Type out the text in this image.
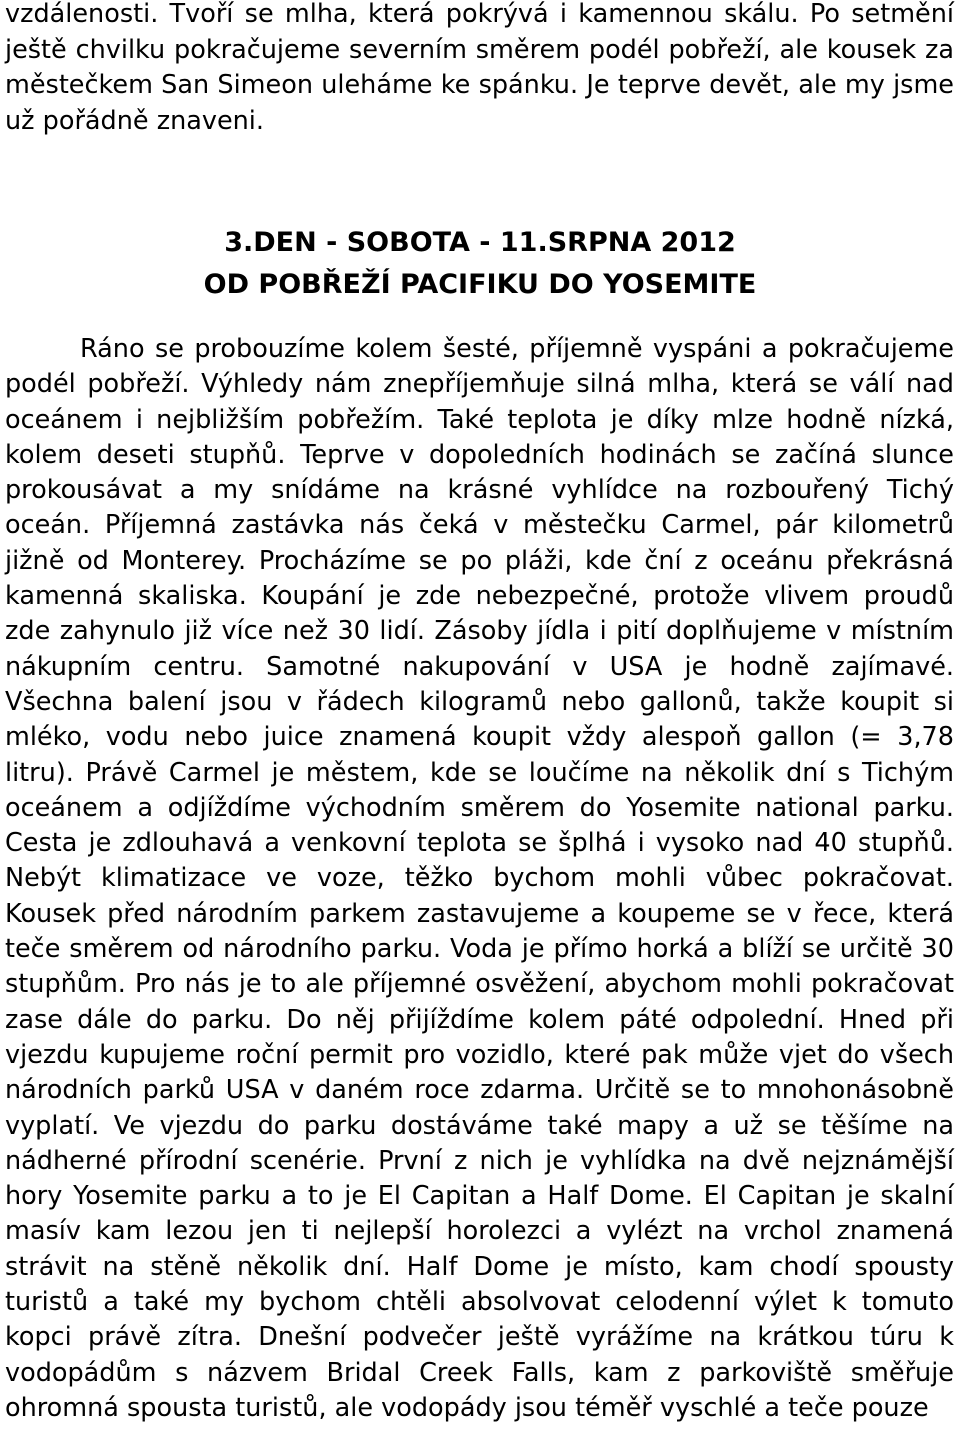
vzdálenosti. Tvoří se mlha, která pokrývá i kamennou skálu. Po setmění ještě chvilku pokračujeme severním směrem podél pobřeží, ale kousek za městečkem San Simeon uleháme ke spánku. Je teprve devět, ale my jsme už pořádně znaveni.

3.DEN - SOBOTA - 11.SRPNA 2012

OD POBŘEŽÍ PACIFIKU DO YOSEMITE

Ráno se probouzíme kolem šesté, příjemně vyspáni a pokračujeme podél pobřeží. Výhledy nám znepříjemňuje silná mlha, která se válí nad oceánem i nejbližším pobřežím. Také teplota je díky mlze hodně nízká, kolem deseti stupňů. Teprve v dopoledních hodinách se začíná slunce prokousávat a my snídáme na krásné vyhlídce na rozbouřený Tichý oceán. Příjemná zastávka nás čeká v městečku Carmel, pár kilometrů jižně od Monterey. Procházíme se po pláži, kde ční z oceánu překrásná kamenná skaliska. Koupání je zde nebezpečné, protože vlivem proudů zde zahynulo již více než 30 lidí. Zásoby jídla i pití doplňujeme v místním nákupním centru. Samotné nakupování v USA je hodně zajímavé. Všechna balení jsou v řádech kilogramů nebo gallonů, takže koupit si mléko, vodu nebo juice znamená koupit vždy alespoň gallon (= 3,78 litru). Právě Carmel je městem, kde se loučíme na několik dní s Tichým oceánem a odjíždíme východním směrem do Yosemite national parku. Cesta je zdlouhavá a venkovní teplota se šplhá i vysoko nad 40 stupňů. Nebýt klimatizace ve voze, těžko bychom mohli vůbec pokračovat. Kousek před národním parkem zastavujeme a koupeme se v řece, která teče směrem od národního parku. Voda je přímo horká a blíží se určitě 30 stupňům. Pro nás je to ale příjemné osvěžení, abychom mohli pokračovat zase dále do parku. Do něj přijíždíme kolem páté odpolední. Hned při vjezdu kupujeme roční permit pro vozidlo, které pak může vjet do všech národních parků USA v daném roce zdarma. Určitě se to mnohonásobně vyplatí. Ve vjezdu do parku dostáváme také mapy a už se těšíme na nádherné přírodní scenérie. První z nich je vyhlídka na dvě nejznámější hory Yosemite parku a to je El Capitan a Half Dome. El Capitan je skalní masív kam lezou jen ti nejlepší horolezci a vylézt na vrchol znamená strávit na stěně několik dní. Half Dome je místo, kam chodí spousty turistů a také my bychom chtěli absolvovat celodenní výlet k tomuto kopci právě zítra. Dnešní podvečer ještě vyrážíme na krátkou túru k vodopádům s názvem Bridal Creek Falls, kam z parkoviště směřuje ohromná spousta turistů, ale vodopády jsou téměř vyschlé a teče pouze
